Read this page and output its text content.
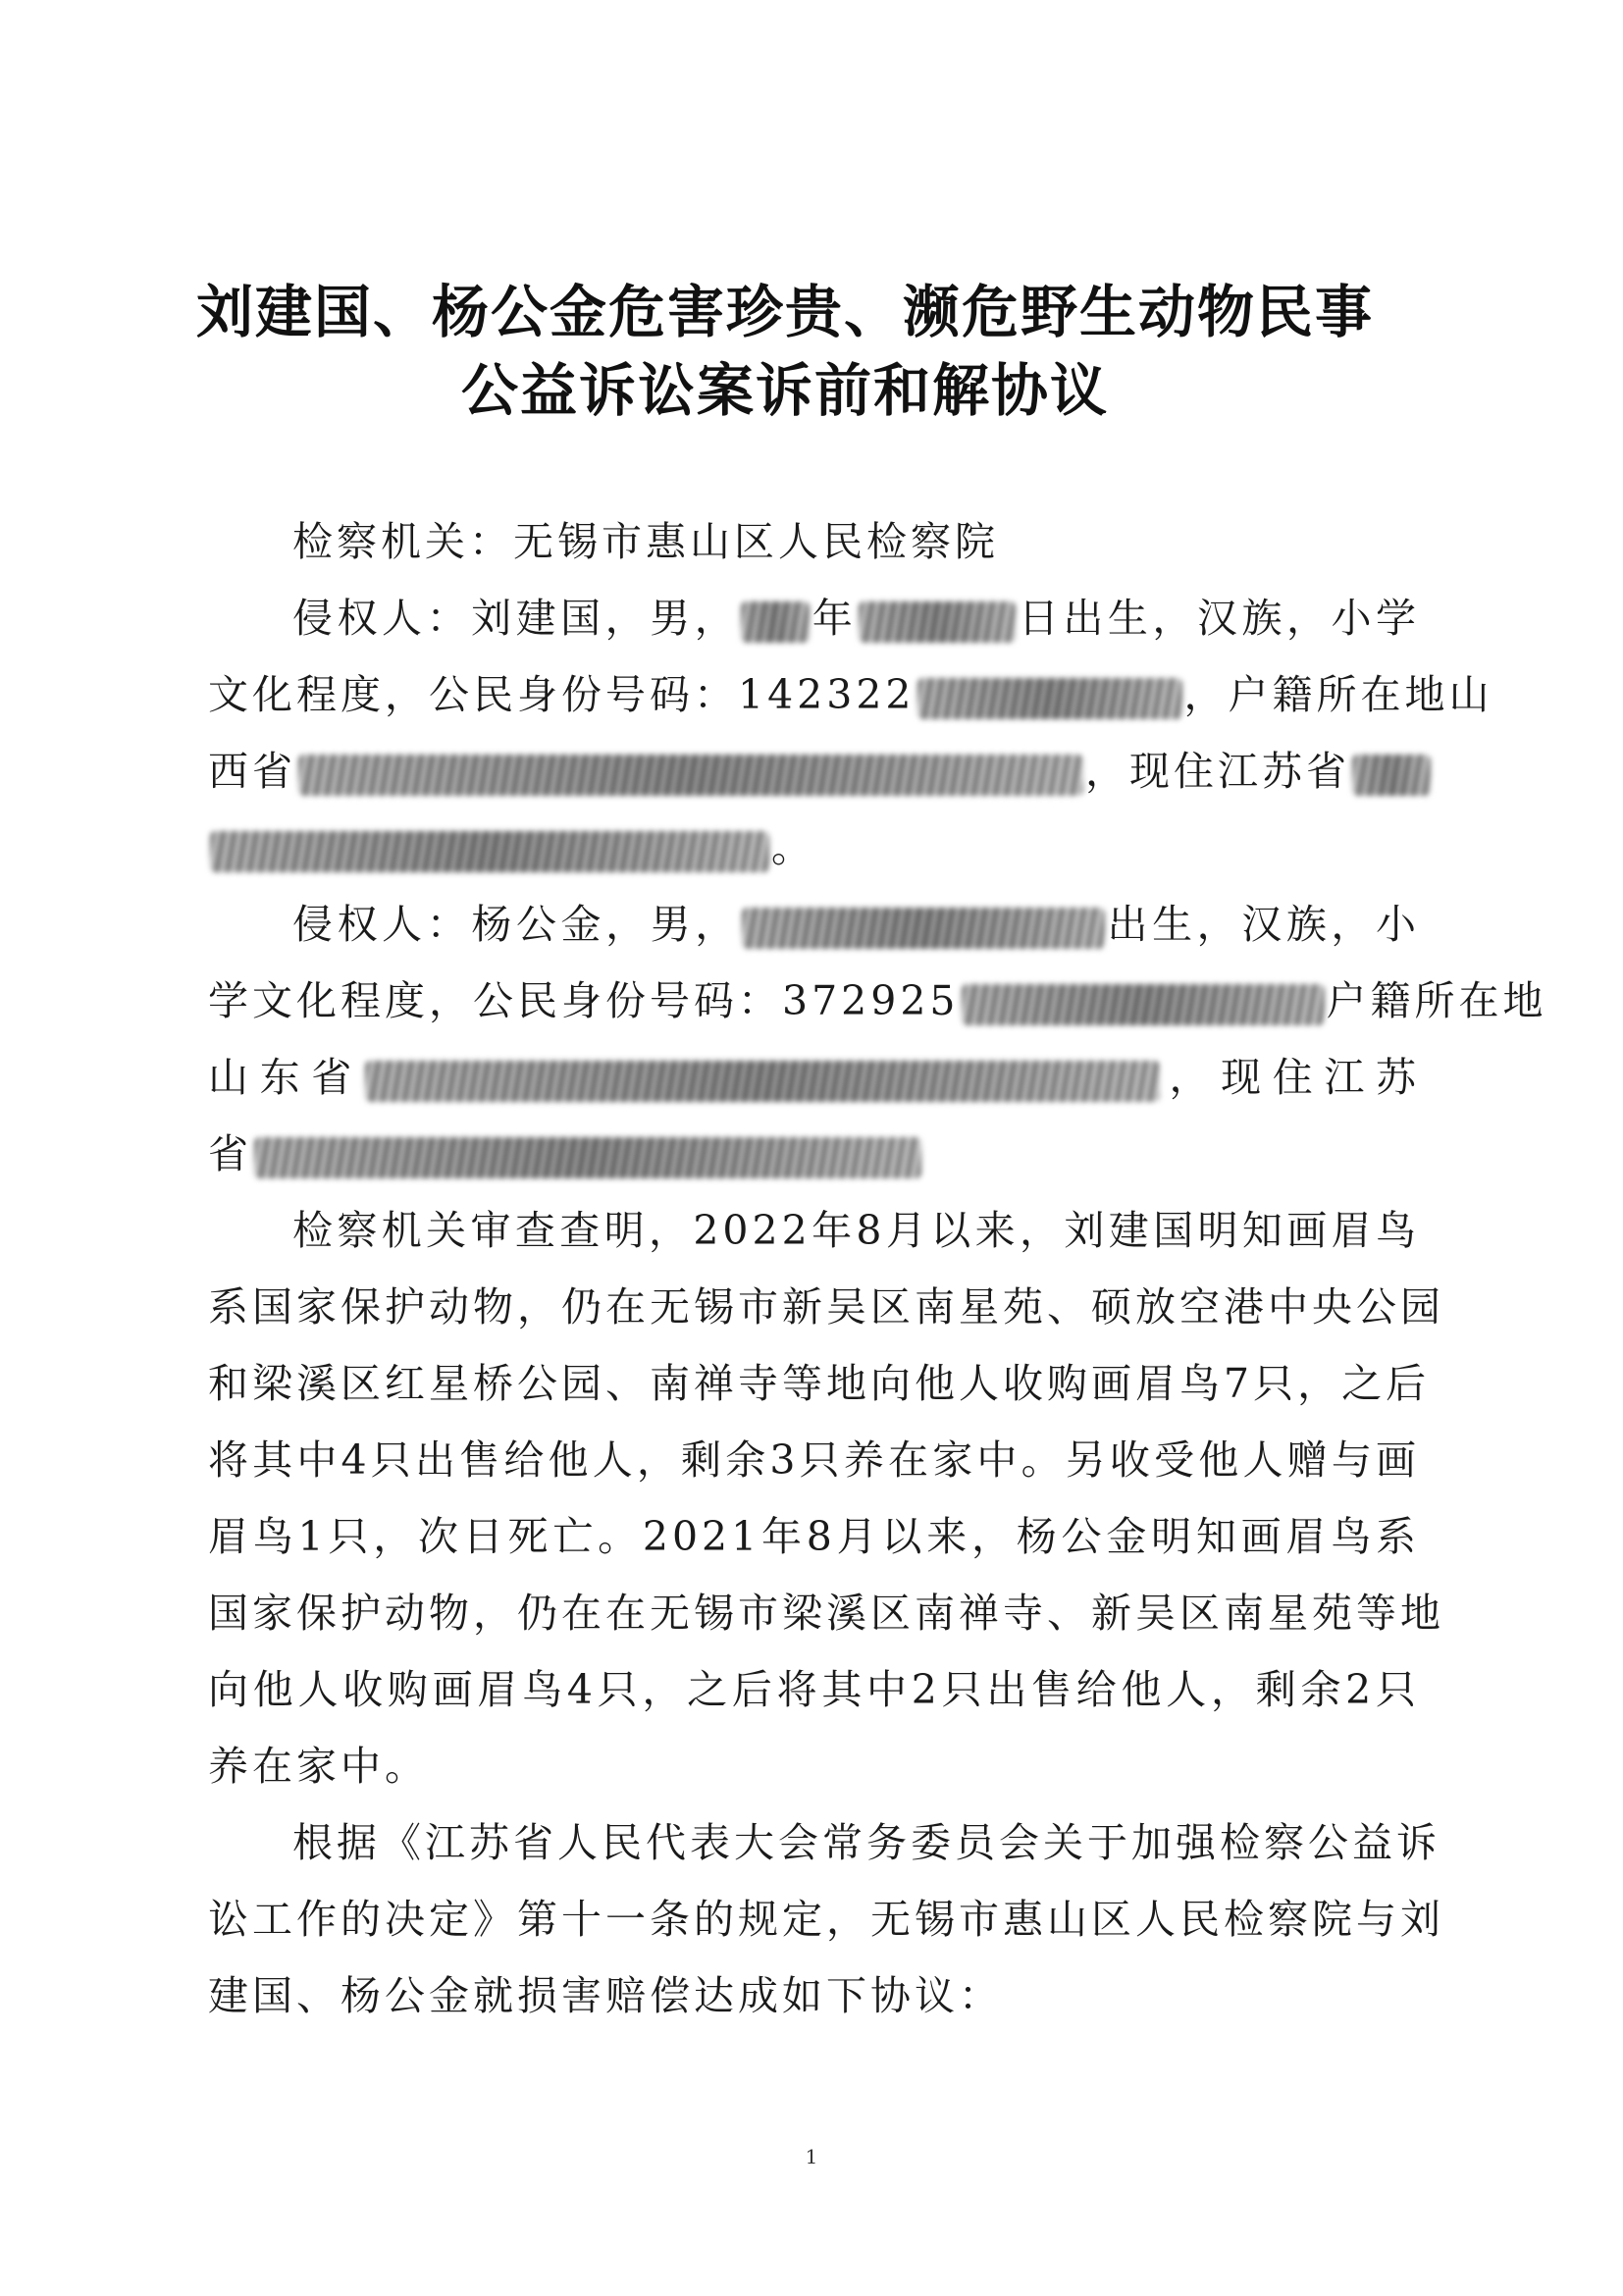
刘建国、杨公金危害珍贵、濒危野生动物民事
公益诉讼案诉前和解协议
检察机关：无锡市惠山区人民检察院
侵权人：刘建国，男， 年	日出生，汉族，小学
文化程度，公民身份号码：142322	，户籍所在地山
西省	，现住江苏省
。
侵权人：杨公金，男，	出生，汉族，小
学文化程度，公民身份号码：372925	户籍所在地
山东省	，现住江苏
省
检察机关审查查明，2022年8月以来，刘建国明知画眉鸟
系国家保护动物，仍在无锡市新吴区南星苑、硕放空港中央公园
和梁溪区红星桥公园、南禅寺等地向他人收购画眉鸟7只，之后
将其中4只出售给他人，剩余3只养在家中。另收受他人赠与画
眉鸟1只，次日死亡。2021年8月以来，杨公金明知画眉鸟系
国家保护动物，仍在在无锡市梁溪区南禅寺、新吴区南星苑等地
向他人收购画眉鸟4只，之后将其中2只出售给他人，剩余2只
养在家中。
根据《江苏省人民代表大会常务委员会关于加强检察公益诉
讼工作的决定》第十一条的规定，无锡市惠山区人民检察院与刘
建国、杨公金就损害赔偿达成如下协议：
1
